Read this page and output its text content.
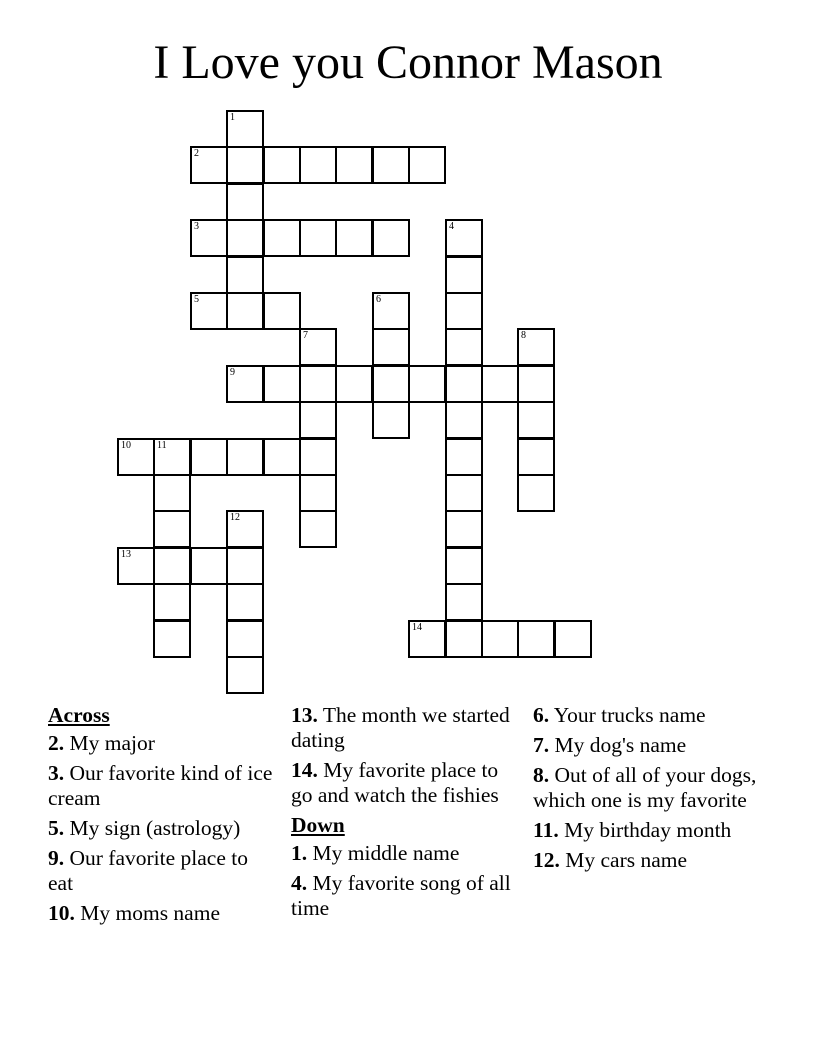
I Love you Connor Mason
1
2
3	4
5	6
7	8
9
10	11
12
13
14
Across
2. My major
3. Our favorite kind of ice cream
5. My sign (astrology)
9. Our favorite place to eat
10. My moms name
13. The month we started dating
14. My favorite place to go and watch the fishies
Down
1. My middle name
4. My favorite song of all time
6. Your trucks name
7. My dog's name
8. Out of all of your dogs, which one is my favorite
11. My birthday month
12. My cars name
